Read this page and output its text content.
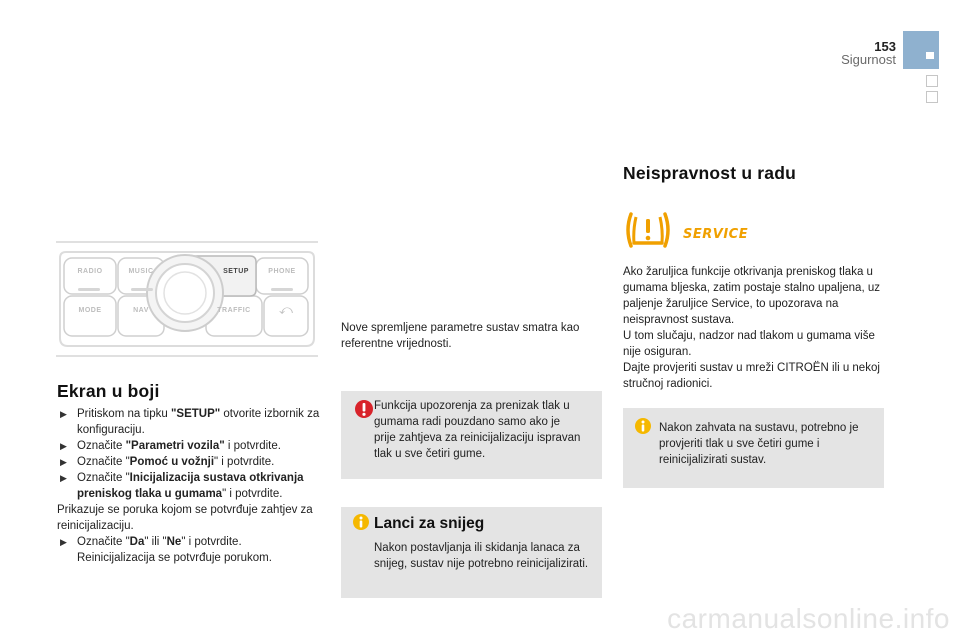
153
Sigurnost
RADIO	MUSIC	SETUP	PHONE
MODE	NAV	TRAFFIC	⤺
Ekran u boji
▶ Pritiskom na tipku "SETUP" otvorite izbornik za konfiguraciju.

▶ Označite "Parametri vozila" i potvrdite.

▶ Označite "Pomoć u vožnji" i potvrdite.

▶ Označite "Inicijalizacija sustava otkrivanja preniskog tlaka u gumama" i potvrdite.

Prikazuje se poruka kojom se potvrđuje zahtjev za reinicijalizaciju.

▶ Označite "Da" ili "Ne" i potvrdite.

Reinicijalizacija se potvrđuje porukom.

Nove spremljene parametre sustav smatra kao referentne vrijednosti.
Funkcija upozorenja za prenizak tlak u gumama radi pouzdano samo ako je prije zahtjeva za reinicijalizaciju ispravan tlak u sve četiri gume.
Lanci za snijeg
Nakon postavljanja ili skidanja lanaca za snijeg, sustav nije potrebno reinicijalizirati.
Neispravnost u radu
SERVICE

Ako žaruljica funkcije otkrivanja preniskog tlaka u gumama bljeska, zatim postaje stalno upaljena, uz paljenje žaruljice Service, to upozorava na neispravnost sustava.

U tom slučaju, nadzor nad tlakom u gumama više nije osiguran.

Dajte provjeriti sustav u mreži CITROËN ili u nekoj stručnoj radionici.

Nakon zahvata na sustavu, potrebno je provjeriti tlak u sve četiri gume i reinicijalizirati sustav.
carmanualsonline.info
